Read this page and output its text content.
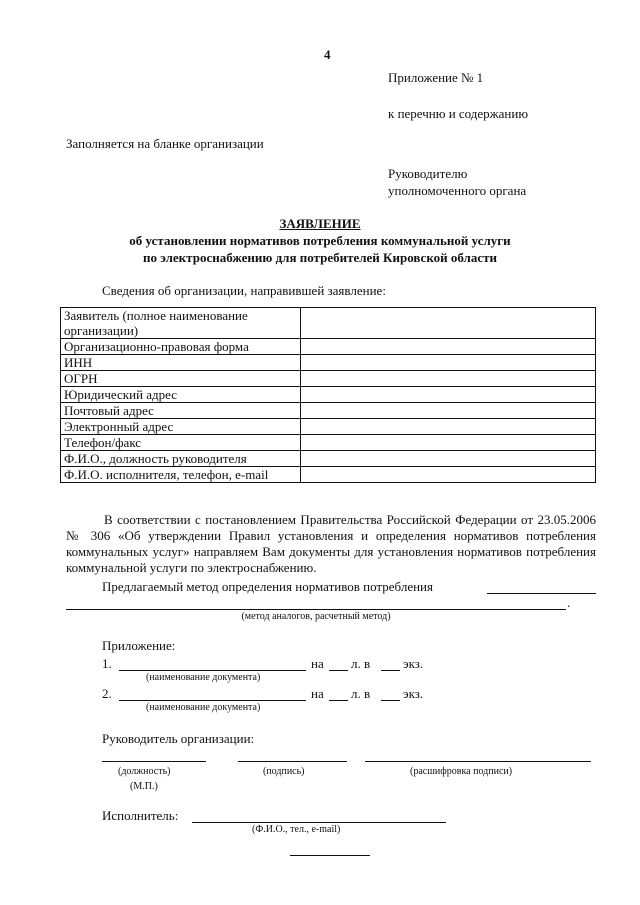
4
Приложение № 1
к перечню и содержанию
Заполняется на бланке организации
Руководителю
уполномоченного органа
ЗАЯВЛЕНИЕ
об установлении нормативов потребления коммунальной услуги
по электроснабжению для потребителей Кировской области
Сведения об организации, направившей заявление:
Заявитель (полное наименование организации)	
Организационно-правовая форма	
ИНН	
ОГРН	
Юридический адрес	
Почтовый адрес	
Электронный адрес	
Телефон/факс	
Ф.И.О., должность руководителя	
Ф.И.О. исполнителя, телефон, e-mail	
В соответствии с постановлением Правительства Российской Федерации от 23.05.2006 № 306 «Об утверждении Правил установления и определения нормативов потребления коммунальных услуг» направляем Вам документы для установления нормативов потребления коммунальной услуги по электроснабжению.
Предлагаемый метод определения нормативов потребления
.
(метод аналогов, расчетный метод)
Приложение:
1.	на л. в	экз.
(наименование документа)
2.	на л. в	экз.
(наименование документа)
Руководитель организации:
(должность)	(подпись)	(расшифровка подписи)
(М.П.)
Исполнитель:
(Ф.И.О., тел., e-mail)
